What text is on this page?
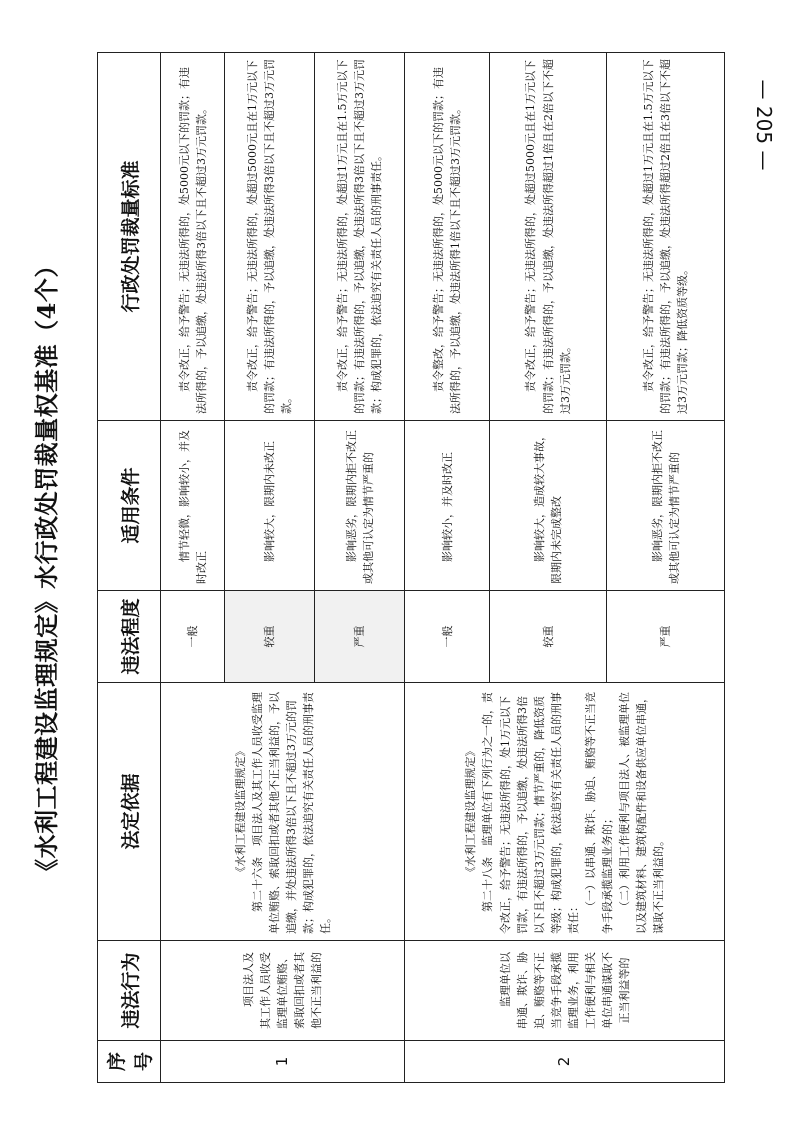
— 205 —
《水利工程建设监理规定》水行政处罚裁量权基准（4个）
序号	违法行为	法定依据	违法程度	适用条件	行政处罚裁量标准
1	项目法人及其工作人员收受监理单位贿赂、索取回扣或者其他不正当利益的	《水利工程建设监理规定》 第二十六条　项目法人及其工作人员收受监理单位贿赂、索取回扣或者其他不正当利益的，予以追缴，并处违法所得3倍以下且不超过3万元的罚款；构成犯罪的，依法追究有关责任人员的刑事责任。	一般	情节轻微，影响较小，并及时改正	责令改正，给予警告；无违法所得的，处5000元以下的罚款；有违法所得的，予以追缴，处违法所得3倍以下且不超过3万元罚款。

			较重	影响较大，限期内未改正	责令改正，给予警告；无违法所得的，处超过5000元且在1万元以下的罚款；有违法所得的，予以追缴，处违法所得3倍以下且不超过3万元罚款。

			严重	影响恶劣，限期内拒不改正或其他可认定为情节严重的	责令改正，给予警告；无违法所得的，处超过1万元且在1.5万元以下的罚款；有违法所得的，予以追缴，处违法所得3倍以下且不超过3万元罚款；构成犯罪的，依法追究有关责任人员的刑事责任。

2	监理单位以串通、欺诈、胁迫、贿赂等不正当竞争手段承揽监理业务，利用工作便利与相关单位串通谋取不正当利益等的	《水利工程建设监理规定》 第二十八条　监理单位有下列行为之一的，责令改正，给予警告；无违法所得的，处1万元以下罚款，有违法所得的，予以追缴，处违法所得3倍以下且不超过3万元罚款；情节严重的，降低资质等级；构成犯罪的，依法追究有关责任人员的刑事责任：
（一）以串通、欺诈、胁迫、贿赂等不正当竞争手段承揽监理业务的； （二）利用工作便利与项目法人、被监理单位以及建筑材料、建筑构配件和设备供应单位串通，谋取不正当利益的。	一般	影响较小，并及时改正	责令整改，给予警告；无违法所得的，处5000元以下的罚款；有违法所得的，予以追缴，处违法所得1倍以下且不超过3万元罚款。

			较重	影响较大，造成较大事故，限期内未完成整改	责令改正，给予警告；无违法所得的，处超过5000元且在1万元以下的罚款；有违法所得的，予以追缴，处违法所得超过1倍且在2倍以下不超过3万元罚款。

			严重	影响恶劣，限期内拒不改正或其他可认定为情节严重的	责令改正，给予警告；无违法所得的，处超过1万元且在1.5万元以下的罚款；有违法所得的，予以追缴，处违法所得超过2倍且在3倍以下不超过3万元罚款；降低资质等级。
